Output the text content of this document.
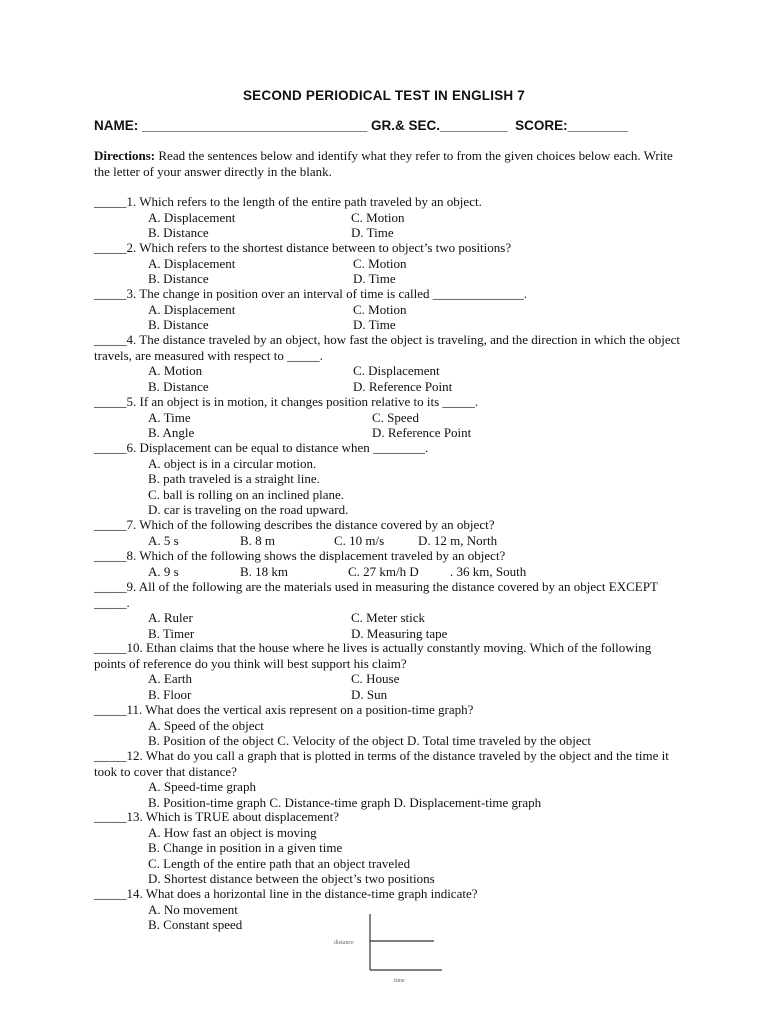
SECOND PERIODICAL TEST IN ENGLISH 7
NAME: ______________________________ GR.& SEC._________  SCORE:________
Directions: Read the sentences below and identify what they refer to from the given choices below each. Write the letter of your answer directly in the blank.
_____1. Which refers to the length of the entire path traveled by an object.
A. Displacement	C. Motion
B. Distance	D. Time
_____2. Which refers to the shortest distance between to object’s two positions?
A. Displacement	C. Motion
B. Distance	D. Time
_____3. The change in position over an interval of time is called ______________.
A. Displacement	C. Motion
B. Distance	D. Time
_____4. The distance traveled by an object, how fast the object is traveling, and the direction in which the object travels, are measured with respect to _____.
A. Motion	C. Displacement
B. Distance	D. Reference Point
_____5. If an object is in motion, it changes position relative to its _____.
A. Time	C. Speed
B. Angle	D. Reference Point
_____6. Displacement can be equal to distance when ________.
A. object is in a circular motion.
B. path traveled is a straight line.
C. ball is rolling on an inclined plane.
D. car is traveling on the road upward.
_____7. Which of the following describes the distance covered by an object?
A. 5 s	B. 8 m	C. 10 m/s	D. 12 m, North
_____8. Which of the following shows the displacement traveled by an object?
A. 9 s	B. 18 km	C. 27 km/h D . 36 km, South
_____9. All of the following are the materials used in measuring the distance covered by an object EXCEPT _____.
A. Ruler	C. Meter stick
B. Timer	D. Measuring tape
_____10. Ethan claims that the house where he lives is actually constantly moving. Which of the following points of reference do you think will best support his claim?
A. Earth	C. House
B. Floor	D. Sun
_____11. What does the vertical axis represent on a position-time graph?
A. Speed of the object
B. Position of the object C. Velocity of the object D. Total time traveled by the object
_____12. What do you call a graph that is plotted in terms of the distance traveled by the object and the time it took to cover that distance?
A. Speed-time graph
B. Position-time graph C. Distance-time graph D. Displacement-time graph
_____13. Which is TRUE about displacement?
A. How fast an object is moving
B. Change in position in a given time
C. Length of the entire path that an object traveled
D. Shortest distance between the object’s two positions
_____14. What does a horizontal line in the distance-time graph indicate?
A. No movement
B. Constant speed
distance
time
